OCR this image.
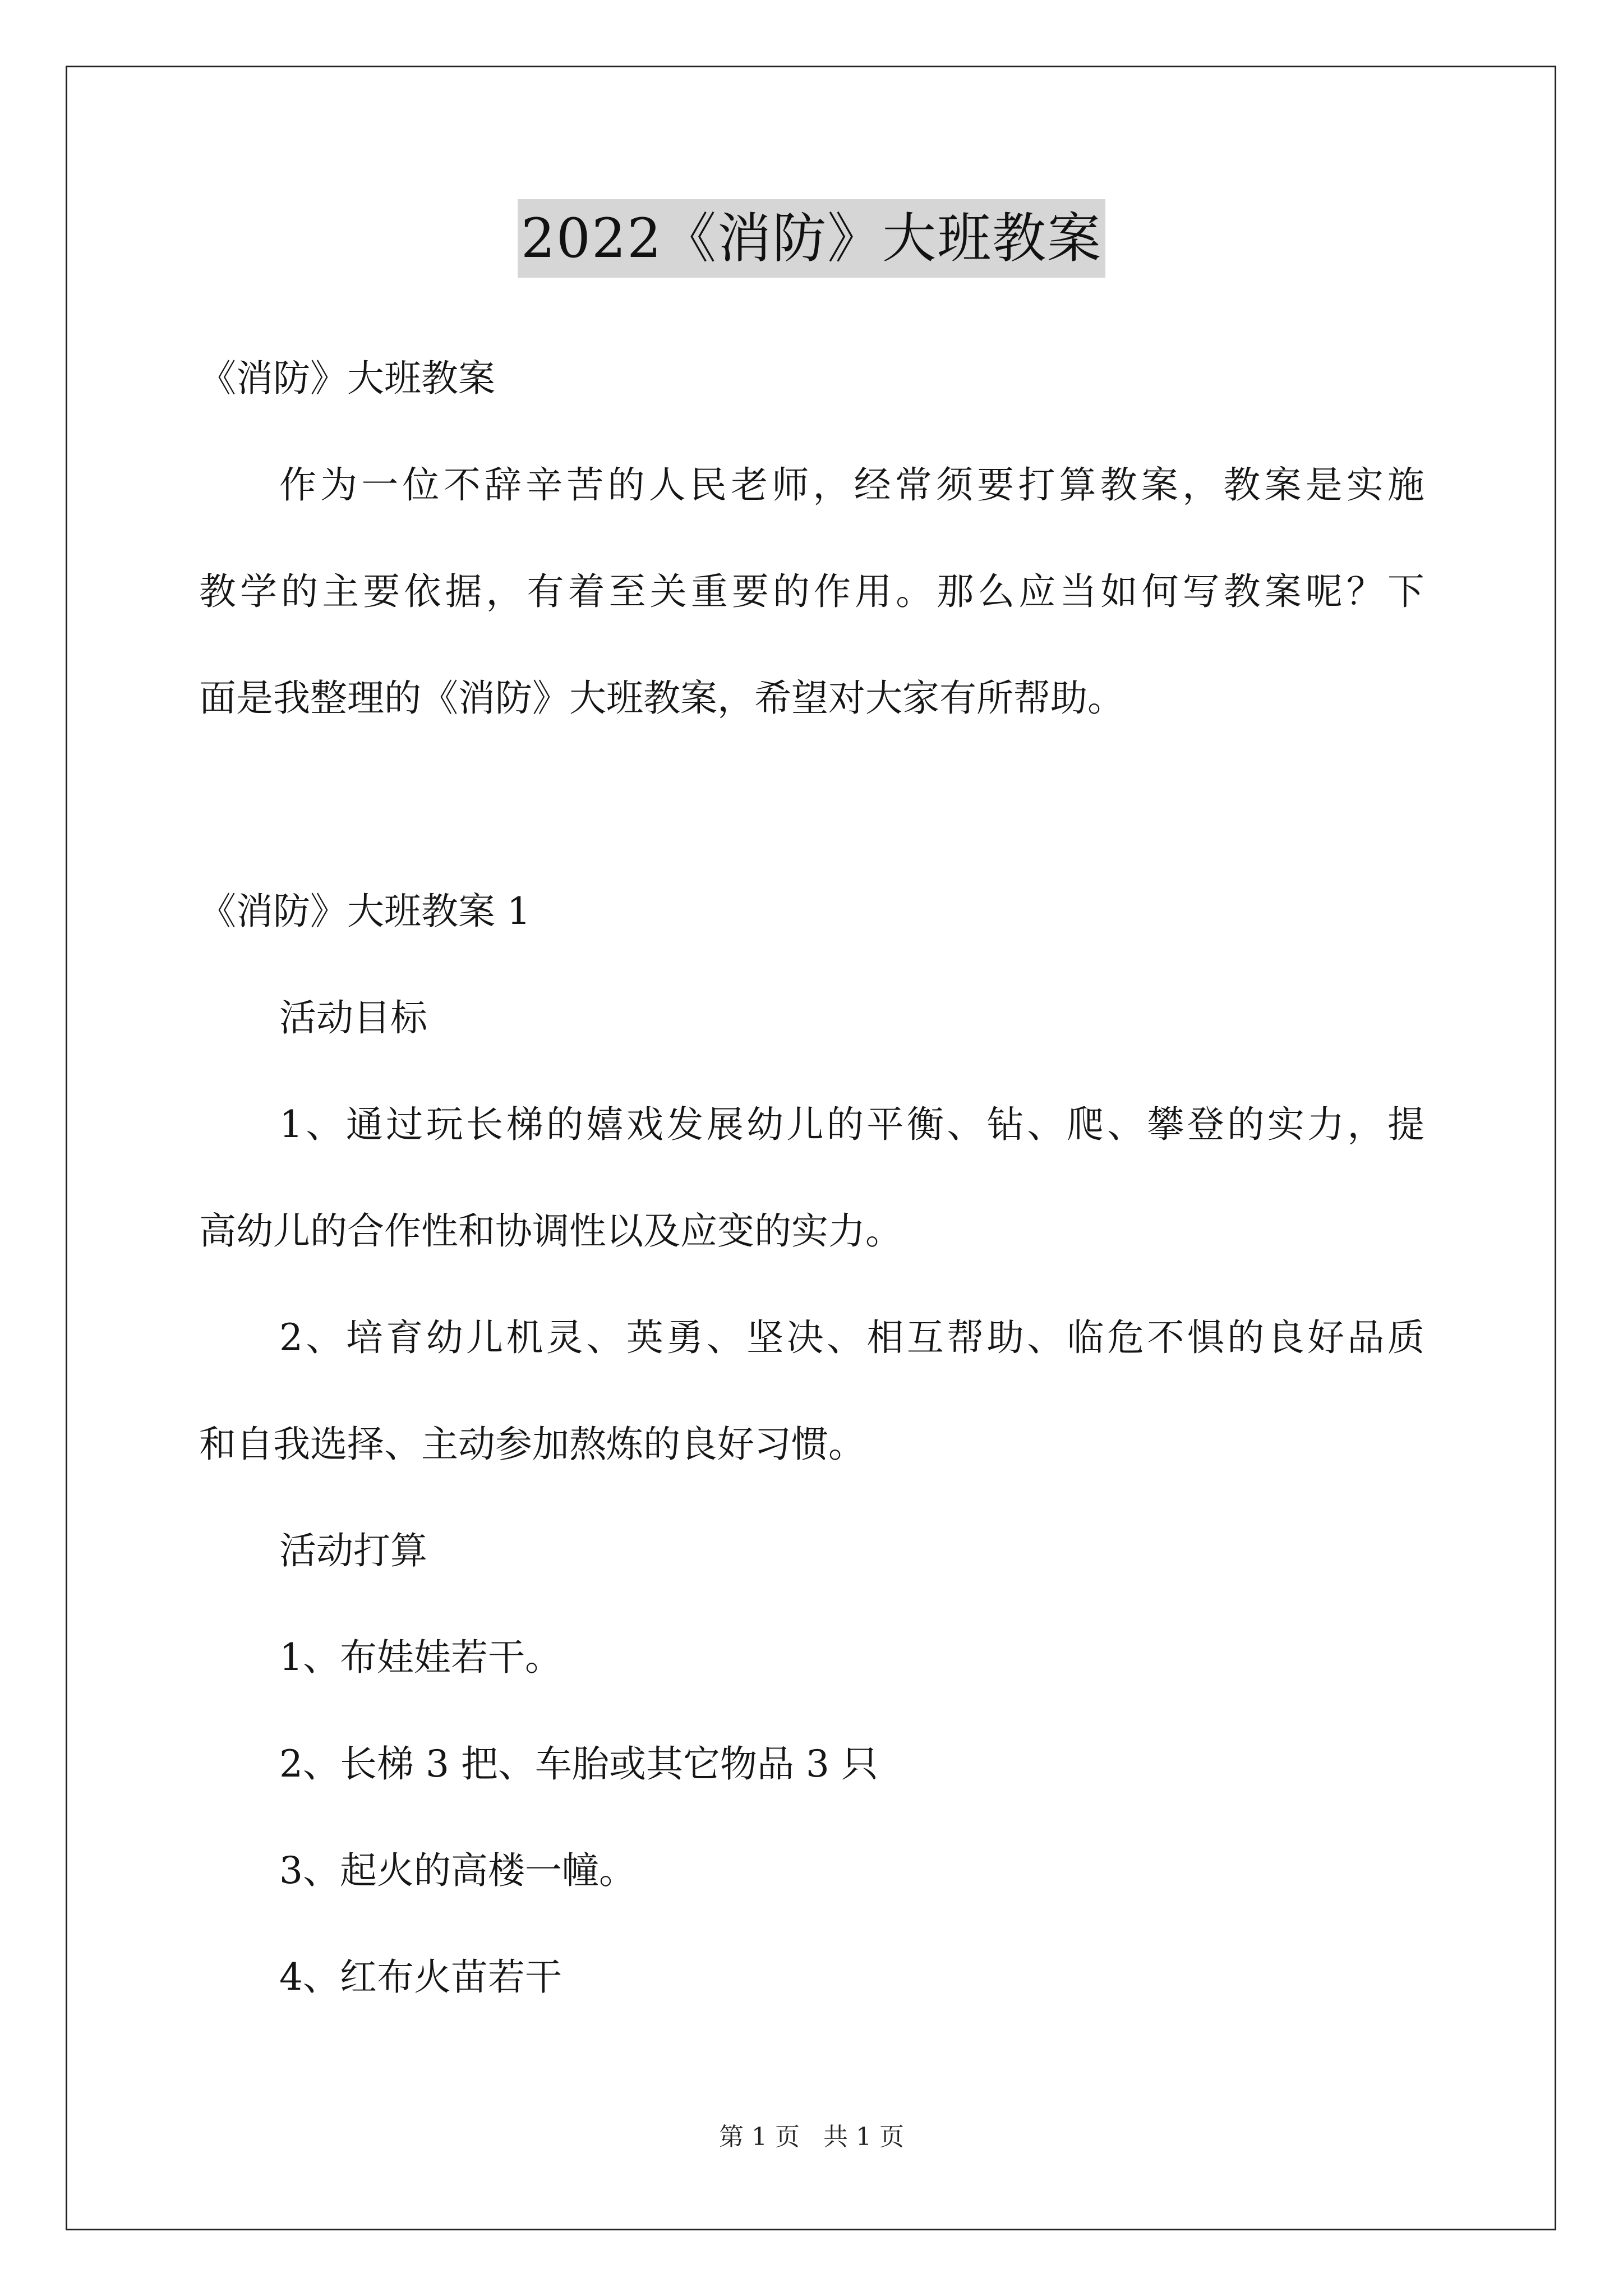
2022《消防》大班教案
《消防》大班教案
作为一位不辞辛苦的人民老师，经常须要打算教案，教案是实施
教学的主要依据，有着至关重要的作用。那么应当如何写教案呢？下
面是我整理的《消防》大班教案，希望对大家有所帮助。
《消防》大班教案 1
活动目标
1、通过玩长梯的嬉戏发展幼儿的平衡、钻、爬、攀登的实力，提
高幼儿的合作性和协调性以及应变的实力。
2、培育幼儿机灵、英勇、坚决、相互帮助、临危不惧的良好品质
和自我选择、主动参加熬炼的良好习惯。
活动打算
1、布娃娃若干。
2、长梯 3 把、车胎或其它物品 3 只
3、起火的高楼一幢。
4、红布火苗若干
第 1 页 共 1 页
